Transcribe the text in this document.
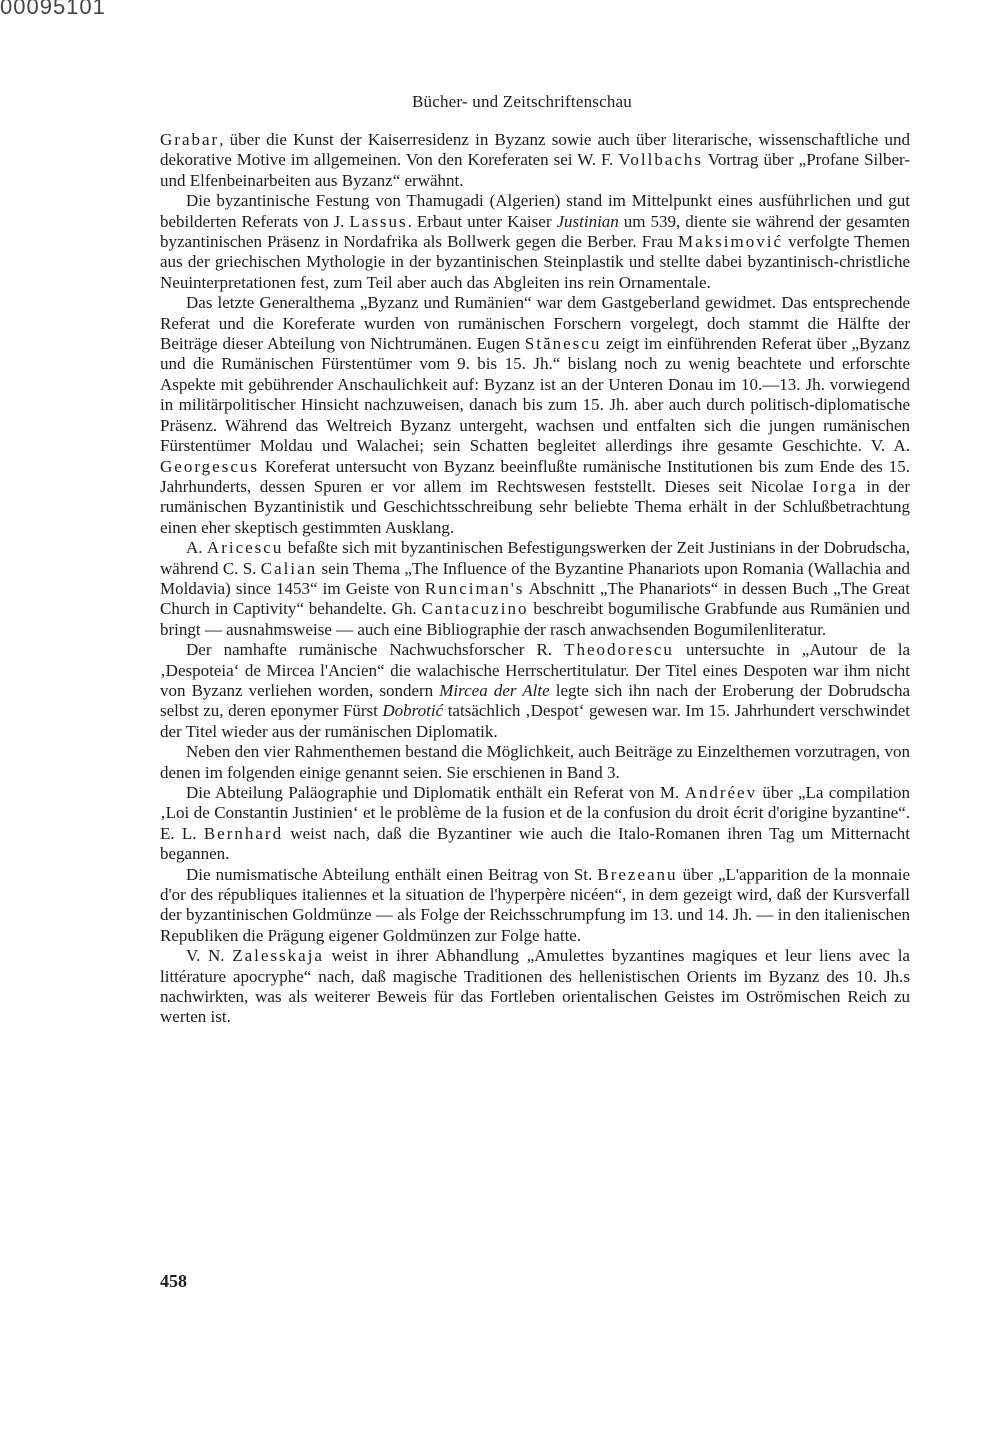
00095101
Bücher- und Zeitschriftenschau

Grabar, über die Kunst der Kaiserresidenz in Byzanz sowie auch über literarische, wissenschaftliche und dekorative Motive im allgemeinen. Von den Koreferaten sei W. F. Vollbachs Vortrag über „Profane Silber- und Elfenbeinarbeiten aus Byzanz“ erwähnt.

Die byzantinische Festung von Thamugadi (Algerien) stand im Mittelpunkt eines ausführlichen und gut bebilderten Referats von J. Lassus. Erbaut unter Kaiser Justinian um 539, diente sie während der gesamten byzantinischen Präsenz in Nordafrika als Bollwerk gegen die Berber. Frau Maksimović verfolgte Themen aus der griechischen Mythologie in der byzantinischen Steinplastik und stellte dabei byzantinisch-christliche Neuinterpretationen fest, zum Teil aber auch das Abgleiten ins rein Ornamentale.

Das letzte Generalthema „Byzanz und Rumänien“ war dem Gastgeberland gewidmet. Das entsprechende Referat und die Koreferate wurden von rumänischen Forschern vorgelegt, doch stammt die Hälfte der Beiträge dieser Abteilung von Nichtrumänen. Eugen Stănescu zeigt im einführenden Referat über „Byzanz und die Rumänischen Fürstentümer vom 9. bis 15. Jh.“ bislang noch zu wenig beachtete und erforschte Aspekte mit gebührender Anschaulichkeit auf: Byzanz ist an der Unteren Donau im 10.—13. Jh. vorwiegend in militärpolitischer Hinsicht nachzuweisen, danach bis zum 15. Jh. aber auch durch politisch-diplomatische Präsenz. Während das Weltreich Byzanz untergeht, wachsen und entfalten sich die jungen rumänischen Fürstentümer Moldau und Walachei; sein Schatten begleitet allerdings ihre gesamte Geschichte. V. A. Georgescus Koreferat untersucht von Byzanz beeinflußte rumänische Institutionen bis zum Ende des 15. Jahrhunderts, dessen Spuren er vor allem im Rechtswesen feststellt. Dieses seit Nicolae Iorga in der rumänischen Byzantinistik und Geschichtsschreibung sehr beliebte Thema erhält in der Schlußbetrachtung einen eher skeptisch gestimmten Ausklang.

A. Aricescu befaßte sich mit byzantinischen Befestigungswerken der Zeit Justinians in der Dobrudscha, während C. S. Calian sein Thema „The Influence of the Byzantine Phanariots upon Romania (Wallachia and Moldavia) since 1453“ im Geiste von Runciman's Abschnitt „The Phanariots“ in dessen Buch „The Great Church in Captivity“ behandelte. Gh. Cantacuzino beschreibt bogumilische Grabfunde aus Rumänien und bringt — ausnahmsweise — auch eine Bibliographie der rasch anwachsenden Bogumilenliteratur.

Der namhafte rumänische Nachwuchsforscher R. Theodorescu untersuchte in „Autour de la ‚Despoteia‘ de Mircea l'Ancien“ die walachische Herrschertitulatur. Der Titel eines Despoten war ihm nicht von Byzanz verliehen worden, sondern Mircea der Alte legte sich ihn nach der Eroberung der Dobrudscha selbst zu, deren eponymer Fürst Dobrotić tatsächlich ‚Despot‘ gewesen war. Im 15. Jahrhundert verschwindet der Titel wieder aus der rumänischen Diplomatik.

Neben den vier Rahmenthemen bestand die Möglichkeit, auch Beiträge zu Einzelthemen vorzutragen, von denen im folgenden einige genannt seien. Sie erschienen in Band 3.

Die Abteilung Paläographie und Diplomatik enthält ein Referat von M. Andréev über „La compilation ‚Loi de Constantin Justinien‘ et le problème de la fusion et de la confusion du droit écrit d'origine byzantine“. E. L. Bernhard weist nach, daß die Byzantiner wie auch die Italo-Romanen ihren Tag um Mitternacht begannen.

Die numismatische Abteilung enthält einen Beitrag von St. Brezeanu über „L'apparition de la monnaie d'or des républiques italiennes et la situation de l'hyperpère nicéen“, in dem gezeigt wird, daß der Kursverfall der byzantinischen Goldmünze — als Folge der Reichsschrumpfung im 13. und 14. Jh. — in den italienischen Republiken die Prägung eigener Goldmünzen zur Folge hatte.

V. N. Zalesskaja weist in ihrer Abhandlung „Amulettes byzantines magiques et leur liens avec la littérature apocryphe“ nach, daß magische Traditionen des hellenistischen Orients im Byzanz des 10. Jh.s nachwirkten, was als weiterer Beweis für das Fortleben orientalischen Geistes im Oströmischen Reich zu werten ist.

458
